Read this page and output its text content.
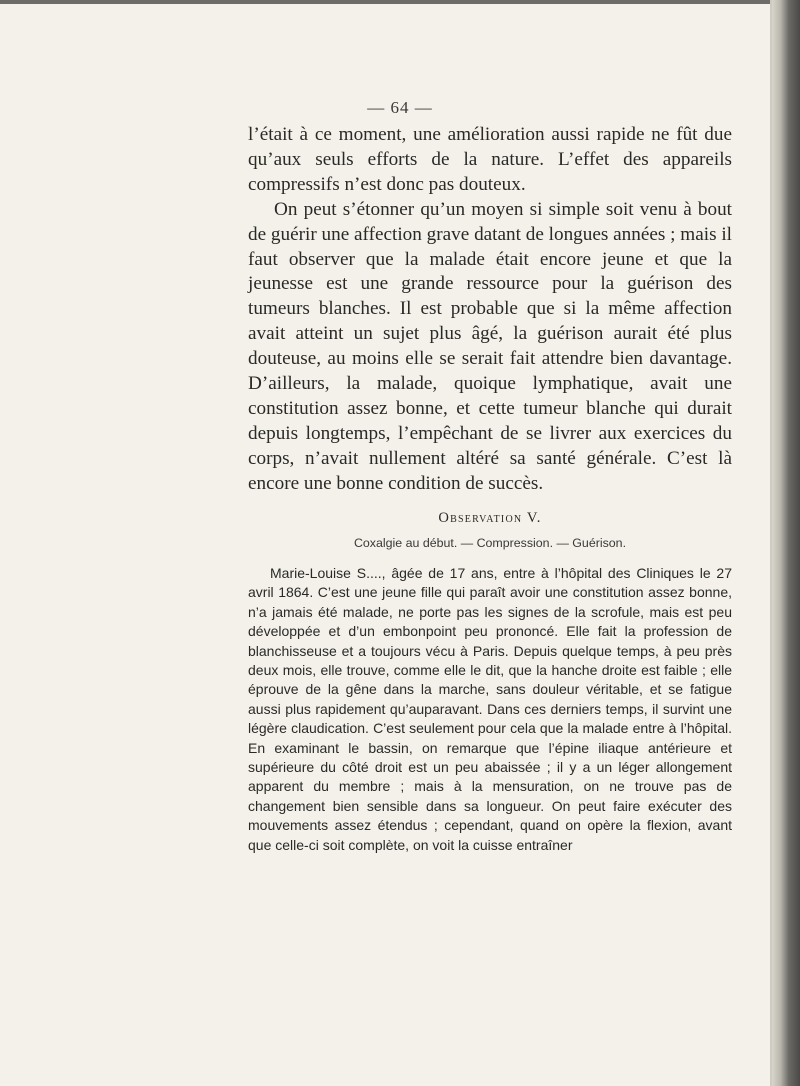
— 64 —

l’était à ce moment, une amélioration aussi rapide ne fût due qu’aux seuls efforts de la nature. L’effet des appareils compressifs n’est donc pas douteux.

On peut s’étonner qu’un moyen si simple soit venu à bout de guérir une affection grave datant de longues années ; mais il faut observer que la malade était encore jeune et que la jeunesse est une grande ressource pour la guérison des tumeurs blanches. Il est probable que si la même affection avait atteint un sujet plus âgé, la guérison aurait été plus douteuse, au moins elle se serait fait attendre bien davantage. D’ailleurs, la malade, quoique lymphatique, avait une constitution assez bonne, et cette tumeur blanche qui durait depuis longtemps, l’empêchant de se livrer aux exercices du corps, n’avait nullement altéré sa santé générale. C’est là encore une bonne condition de succès.

Observation V.
Coxalgie au début. — Compression. — Guérison.

Marie-Louise S...., âgée de 17 ans, entre à l’hôpital des Cliniques le 27 avril 1864. C’est une jeune fille qui paraît avoir une constitution assez bonne, n’a jamais été malade, ne porte pas les signes de la scrofule, mais est peu développée et d’un embonpoint peu prononcé. Elle fait la profession de blanchisseuse et a toujours vécu à Paris. Depuis quelque temps, à peu près deux mois, elle trouve, comme elle le dit, que la hanche droite est faible ; elle éprouve de la gêne dans la marche, sans douleur véritable, et se fatigue aussi plus rapidement qu’auparavant. Dans ces derniers temps, il survint une légère claudication. C’est seulement pour cela que la malade entre à l’hôpital. En examinant le bassin, on remarque que l’épine iliaque antérieure et supérieure du côté droit est un peu abaissée ; il y a un léger allongement apparent du membre ; mais à la mensuration, on ne trouve pas de changement bien sensible dans sa longueur. On peut faire exécuter des mouvements assez étendus ; cependant, quand on opère la flexion, avant que celle-ci soit complète, on voit la cuisse entraîner
